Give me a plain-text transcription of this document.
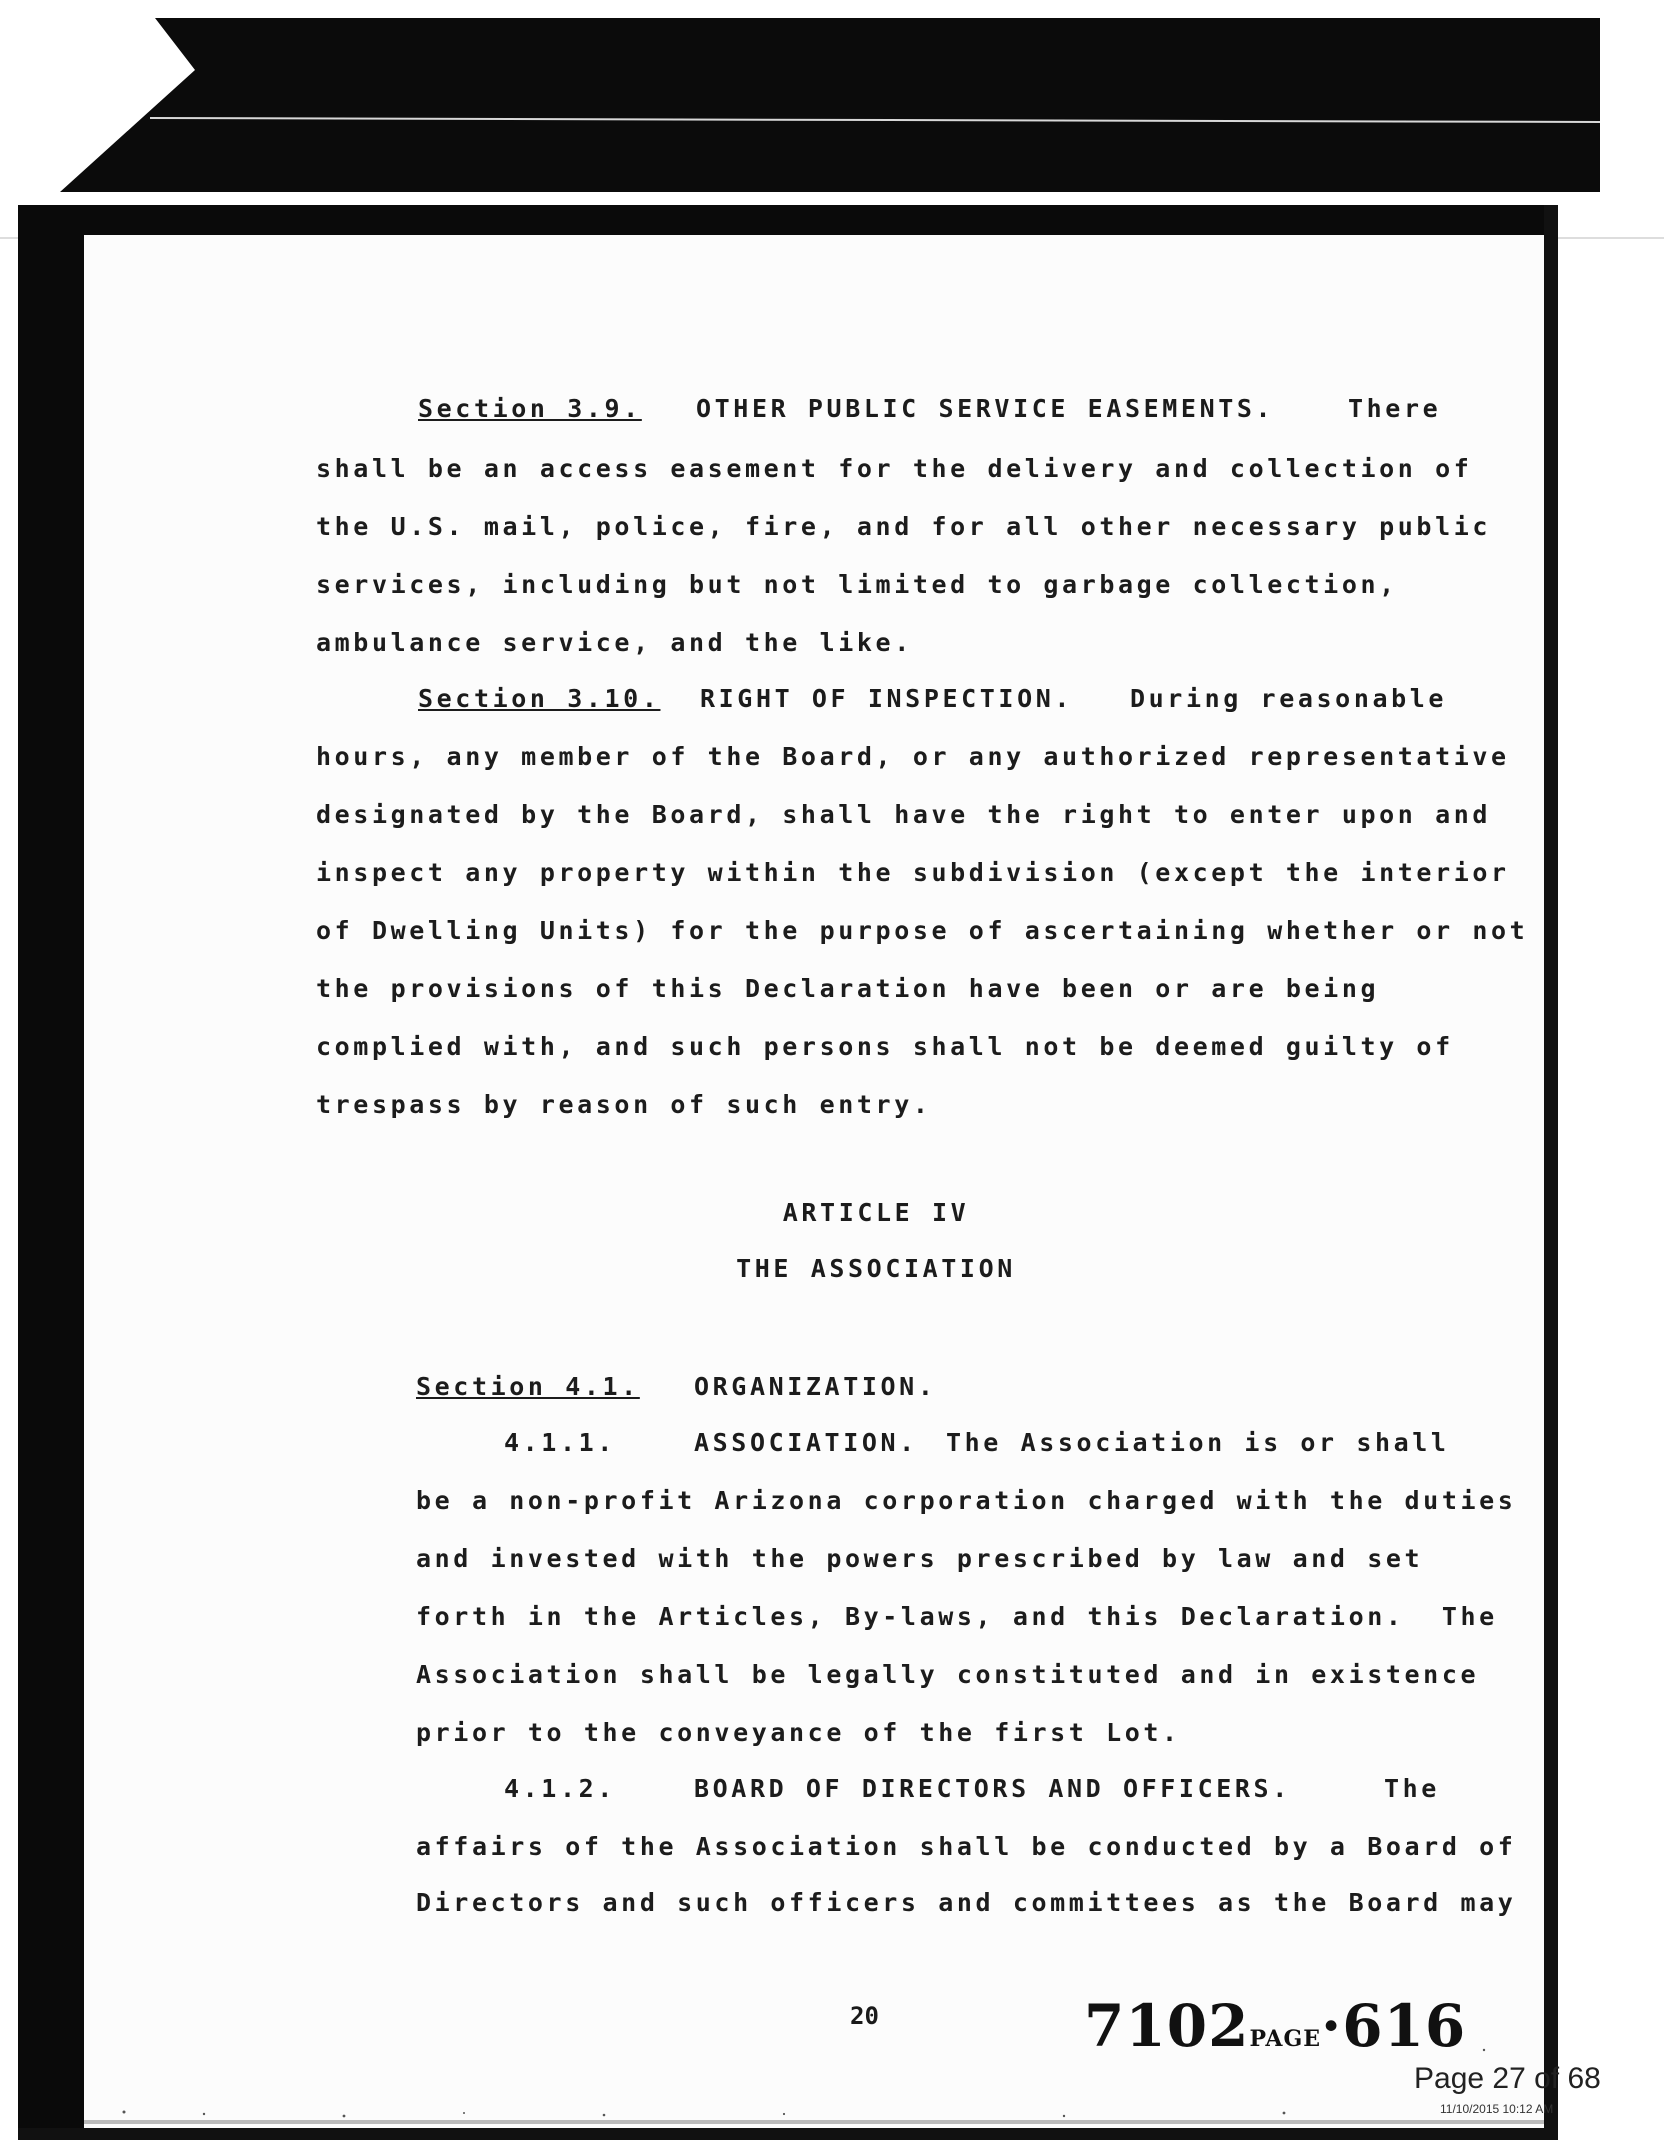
Section 3.9. OTHER PUBLIC SERVICE EASEMENTS.	There
shall be an access easement for the delivery and collection of
the U.S. mail, police, fire, and for all other necessary public
services, including but not limited to garbage collection,
ambulance service, and the like.
Section 3.10. RIGHT OF INSPECTION. During reasonable
hours, any member of the Board, or any authorized representative
designated by the Board, shall have the right to enter upon and
inspect any property within the subdivision (except the interior
of Dwelling Units) for the purpose of ascertaining whether or not
the provisions of this Declaration have been or are being
complied with, and such persons shall not be deemed guilty of
trespass by reason of such entry.
ARTICLE IV
THE ASSOCIATION
Section 4.1. ORGANIZATION.
4.1.1.	ASSOCIATION. The Association is or shall
be a non-profit Arizona corporation charged with the duties
and invested with the powers prescribed by law and set
forth in the Articles, By-laws, and this Declaration.  The
Association shall be legally constituted and in existence
prior to the conveyance of the first Lot.
4.1.2.	BOARD OF DIRECTORS AND OFFICERS.	The
affairs of the Association shall be conducted by a Board of
Directors and such officers and committees as the Board may
20	7102PAGE·616
Page 27 of 68
11/10/2015 10:12 AM
